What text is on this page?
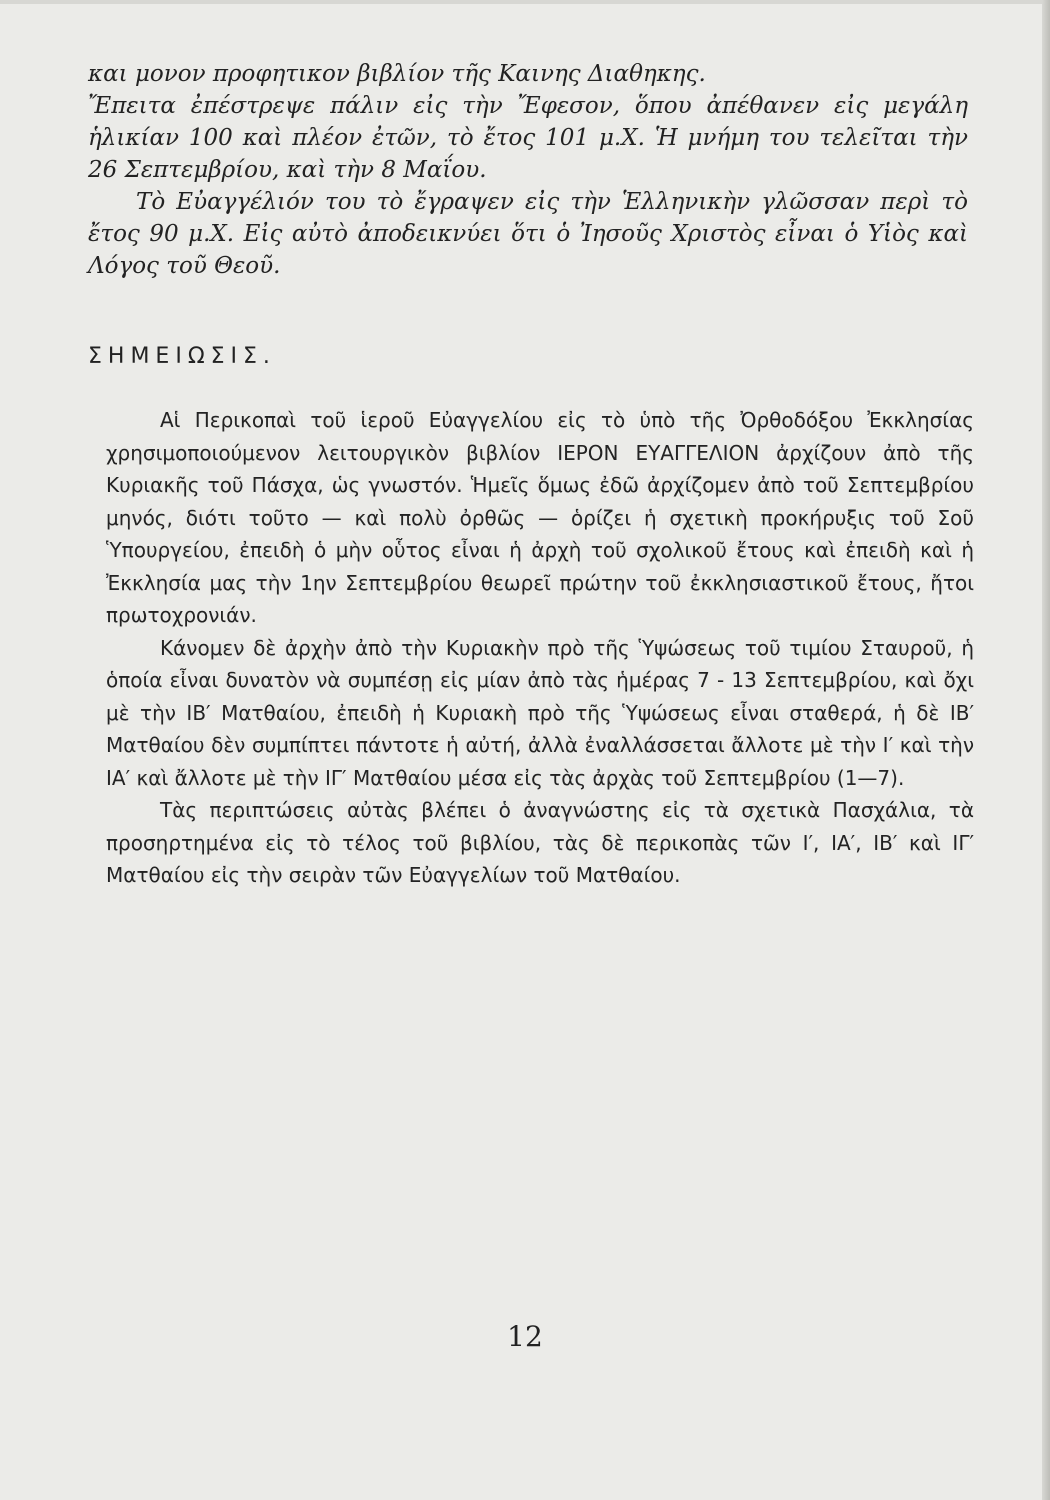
και μονον προφητικον βιβλίον τῆς Καινης Διαθηκης.

Ἔπειτα ἐπέστρεψε πάλιν εἰς τὴν Ἔφεσον, ὅπου ἀπέθανεν εἰς μεγάλη ἡλικίαν 100 καὶ πλέον ἐτῶν, τὸ ἔτος 101 μ.Χ. Ἡ μνήμη του τελεῖται τὴν 26 Σεπτεμβρίου, καὶ τὴν 8 Μαΐου.

Τὸ Εὐαγγέλιόν του τὸ ἔγραψεν εἰς τὴν Ἑλληνικὴν γλῶσσαν περὶ τὸ ἔτος 90 μ.Χ. Εἰς αὐτὸ ἀποδεικνύει ὅτι ὁ Ἰησοῦς Χριστὸς εἶναι ὁ Υἱὸς καὶ Λόγος τοῦ Θεοῦ.

ΣΗΜΕΙΩΣΙΣ.

Αἱ Περικοπαὶ τοῦ ἱεροῦ Εὐαγγελίου εἰς τὸ ὑπὸ τῆς Ὀρθοδόξου Ἐκκλησίας χρησιμοποιούμενον λειτουργικὸν βιβλίον ΙΕΡΟΝ ΕΥΑΓΓΕΛΙΟΝ ἀρχίζουν ἀπὸ τῆς Κυριακῆς τοῦ Πάσχα, ὡς γνωστόν. Ἡμεῖς ὅμως ἐδῶ ἀρχίζομεν ἀπὸ τοῦ Σεπτεμβρίου μηνός, διότι τοῦτο — καὶ πολὺ ὀρθῶς — ὁρίζει ἡ σχετικὴ προκήρυξις τοῦ Σοῦ Ὑπουργείου, ἐπειδὴ ὁ μὴν οὗτος εἶναι ἡ ἀρχὴ τοῦ σχολικοῦ ἔτους καὶ ἐπειδὴ καὶ ἡ Ἐκκλησία μας τὴν 1ην Σεπτεμβρίου θεωρεῖ πρώτην τοῦ ἐκκλησιαστικοῦ ἔτους, ἤτοι πρωτοχρονιάν.

Κάνομεν δὲ ἀρχὴν ἀπὸ τὴν Κυριακὴν πρὸ τῆς Ὑψώσεως τοῦ τιμίου Σταυροῦ, ἡ ὁποία εἶναι δυνατὸν νὰ συμπέσῃ εἰς μίαν ἀπὸ τὰς ἡμέρας 7 - 13 Σεπτεμβρίου, καὶ ὄχι μὲ τὴν ΙΒ′ Ματθαίου, ἐπειδὴ ἡ Κυριακὴ πρὸ τῆς Ὑψώσεως εἶναι σταθερά, ἡ δὲ ΙΒ′ Ματθαίου δὲν συμπίπτει πάντοτε ἡ αὐτή, ἀλλὰ ἐναλλάσσεται ἄλλοτε μὲ τὴν Ι′ καὶ τὴν ΙΑ′ καὶ ἄλλοτε μὲ τὴν ΙΓ′ Ματθαίου μέσα εἰς τὰς ἀρχὰς τοῦ Σεπτεμβρίου (1—7).

Τὰς περιπτώσεις αὐτὰς βλέπει ὁ ἀναγνώστης εἰς τὰ σχετικὰ Πασχάλια, τὰ προσηρτημένα εἰς τὸ τέλος τοῦ βιβλίου, τὰς δὲ περικοπὰς τῶν Ι′, ΙΑ′, ΙΒ′ καὶ ΙΓ′ Ματθαίου εἰς τὴν σειρὰν τῶν Εὐαγγελίων τοῦ Ματθαίου.

12
